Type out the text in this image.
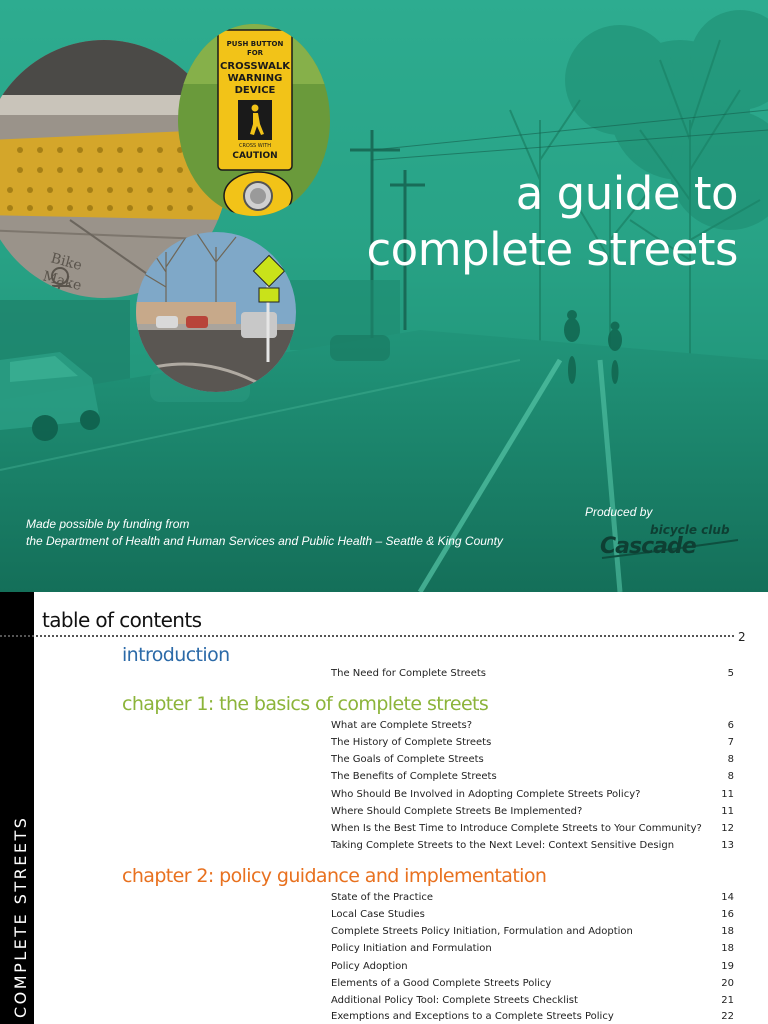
Bike
Make
PUSH BUTTON
FOR
CROSSWALK
WARNING
DEVICE
CROSS WITH
CAUTION
a guide to
complete streets
Made possible by funding from
the Department of Health and Human Services and Public Health – Seattle & King County
Produced by
bicycle club
Cascade
COMPLETE STREETS
table of contents
2
introduction
The Need for Complete Streets	5
chapter 1: the basics of complete streets
What are Complete Streets?	6
The History of Complete Streets	7
The Goals of Complete Streets	8
The Benefits of Complete Streets	8
Who Should Be Involved in Adopting Complete Streets Policy?	11
Where Should Complete Streets Be Implemented?	11
When Is the Best Time to Introduce Complete Streets to Your Community? 12
Taking Complete Streets to the Next Level: Context Sensitive Design	13
chapter 2: policy guidance and implementation
State of the Practice	14
Local Case Studies	16
Complete Streets Policy Initiation, Formulation and Adoption	18
Policy Initiation and Formulation	18
Policy Adoption	19
Elements of a Good Complete Streets Policy	20
Additional Policy Tool: Complete Streets Checklist	21
Exemptions and Exceptions to a Complete Streets Policy	22
